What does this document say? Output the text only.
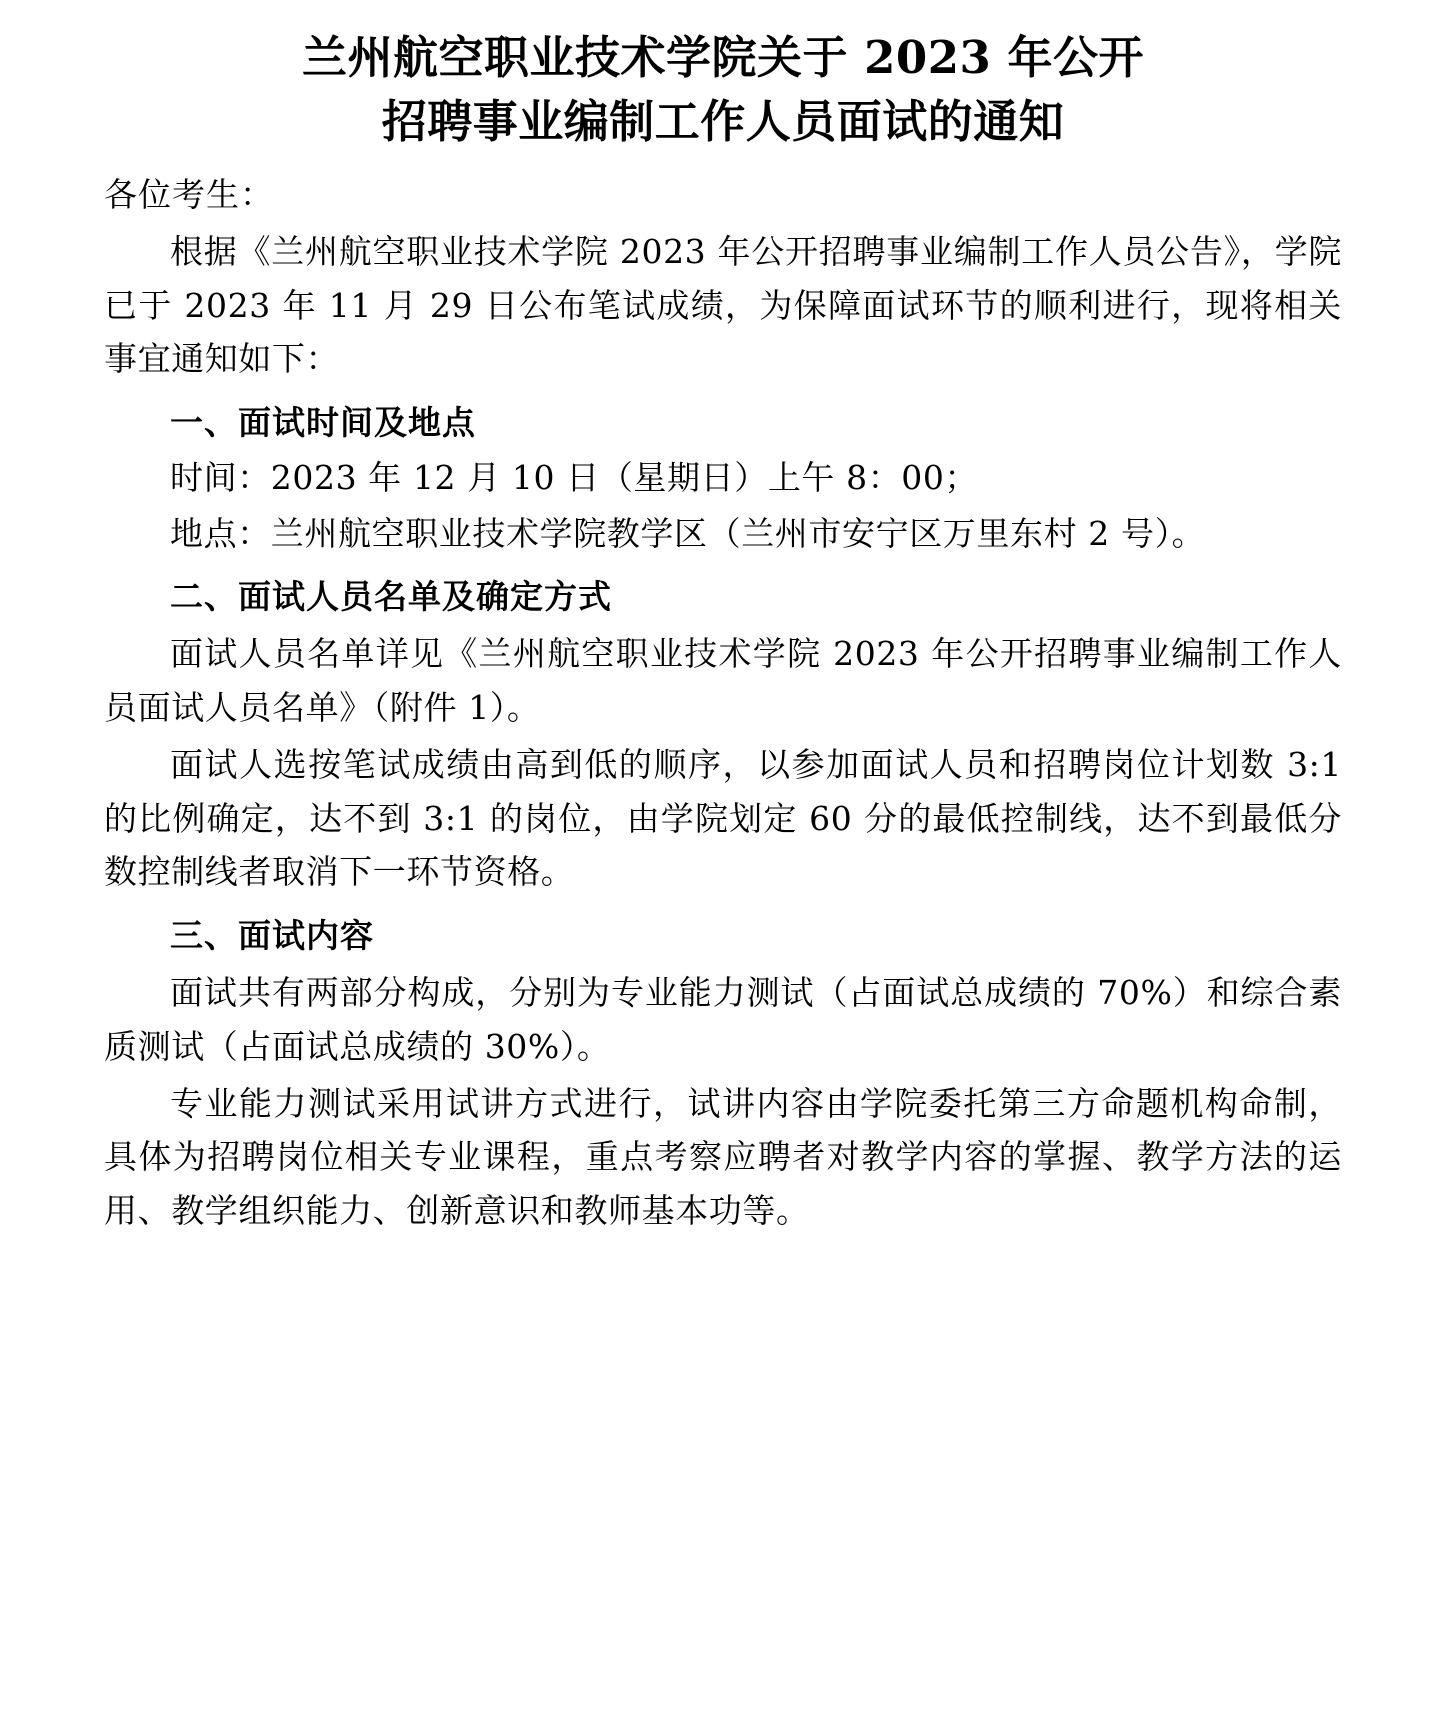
兰州航空职业技术学院关于 2023 年公开
招聘事业编制工作人员面试的通知

各位考生：

根据《兰州航空职业技术学院 2023 年公开招聘事业编制工作人员公告》，学院已于 2023 年 11 月 29 日公布笔试成绩，为保障面试环节的顺利进行，现将相关事宜通知如下：

一、面试时间及地点

时间：2023 年 12 月 10 日（星期日）上午 8：00；

地点：兰州航空职业技术学院教学区（兰州市安宁区万里东村 2 号）。

二、面试人员名单及确定方式

面试人员名单详见《兰州航空职业技术学院 2023 年公开招聘事业编制工作人员面试人员名单》（附件 1）。

面试人选按笔试成绩由高到低的顺序，以参加面试人员和招聘岗位计划数 3:1 的比例确定，达不到 3:1 的岗位，由学院划定 60 分的最低控制线，达不到最低分数控制线者取消下一环节资格。

三、面试内容

面试共有两部分构成，分别为专业能力测试（占面试总成绩的 70%）和综合素质测试（占面试总成绩的 30%）。

专业能力测试采用试讲方式进行，试讲内容由学院委托第三方命题机构命制，具体为招聘岗位相关专业课程，重点考察应聘者对教学内容的掌握、教学方法的运用、教学组织能力、创新意识和教师基本功等。
